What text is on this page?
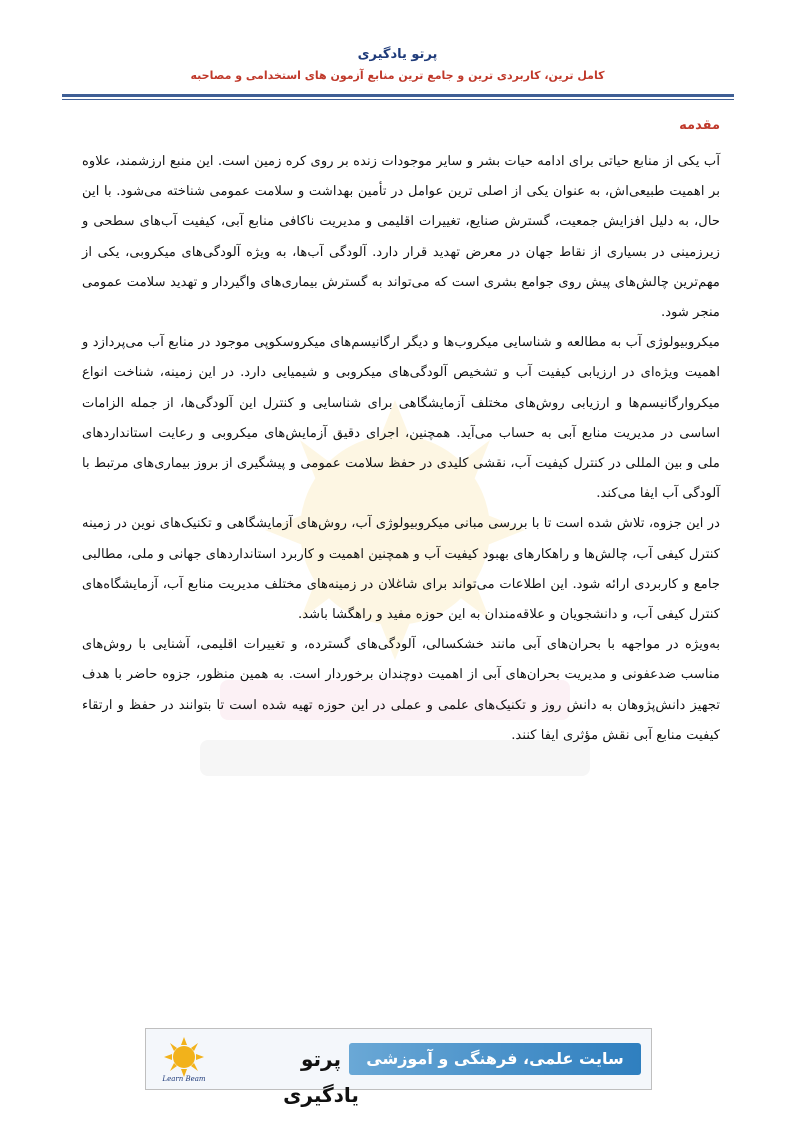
پرتو یادگیری
کامل ترین، کاربردی ترین و جامع ترین منابع آزمون های استخدامی و مصاحبه
مقدمه

آب یکی از منابع حیاتی برای ادامه حیات بشر و سایر موجودات زنده بر روی کره زمین است. این منبع ارزشمند، علاوه بر اهمیت طبیعی‌اش، به عنوان یکی از اصلی ترین عوامل در تأمین بهداشت و سلامت عمومی شناخته می‌شود. با این حال، به دلیل افزایش جمعیت، گسترش صنایع، تغییرات اقلیمی و مدیریت ناکافی منابع آبی، کیفیت آب‌های سطحی و زیرزمینی در بسیاری از نقاط جهان در معرض تهدید قرار دارد. آلودگی آب‌ها، به ویژه آلودگی‌های میکروبی، یکی از مهم‌ترین چالش‌های پیش روی جوامع بشری است که می‌تواند به گسترش بیماری‌های واگیردار و تهدید سلامت عمومی منجر شود.

میکروبیولوژی آب به مطالعه و شناسایی میکروب‌ها و دیگر ارگانیسم‌های میکروسکوپی موجود در منابع آب می‌پردازد و اهمیت ویژه‌ای در ارزیابی کیفیت آب و تشخیص آلودگی‌های میکروبی و شیمیایی دارد. در این زمینه، شناخت انواع میکروارگانیسم‌ها و ارزیابی روش‌های مختلف آزمایشگاهی برای شناسایی و کنترل این آلودگی‌ها، از جمله الزامات اساسی در مدیریت منابع آبی به حساب می‌آید. همچنین، اجرای دقیق آزمایش‌های میکروبی و رعایت استانداردهای ملی و بین المللی در کنترل کیفیت آب، نقشی کلیدی در حفظ سلامت عمومی و پیشگیری از بروز بیماری‌های مرتبط با آلودگی آب ایفا می‌کند.

در این جزوه، تلاش شده است تا با بررسی مبانی میکروبیولوژی آب، روش‌های آزمایشگاهی و تکنیک‌های نوین در زمینه کنترل کیفی آب، چالش‌ها و راهکارهای بهبود کیفیت آب و همچنین اهمیت و کاربرد استانداردهای جهانی و ملی، مطالبی جامع و کاربردی ارائه شود. این اطلاعات می‌تواند برای شاغلان در زمینه‌های مختلف مدیریت منابع آب، آزمایشگاه‌های کنترل کیفی آب، و دانشجویان و علاقه‌مندان به این حوزه مفید و راهگشا باشد.

به‌ویژه در مواجهه با بحران‌های آبی مانند خشکسالی، آلودگی‌های گسترده، و تغییرات اقلیمی، آشنایی با روش‌های مناسب ضدعفونی و مدیریت بحران‌های آبی از اهمیت دوچندان برخوردار است. به همین منظور، جزوه حاضر با هدف تجهیز دانش‌پژوهان به دانش روز و تکنیک‌های علمی و عملی در این حوزه تهیه شده است تا بتوانند در حفظ و ارتقاء کیفیت منابع آبی نقش مؤثری ایفا کنند.

Learn Beam
پرتو یادگیری
سایت علمی، فرهنگی و آموزشی
